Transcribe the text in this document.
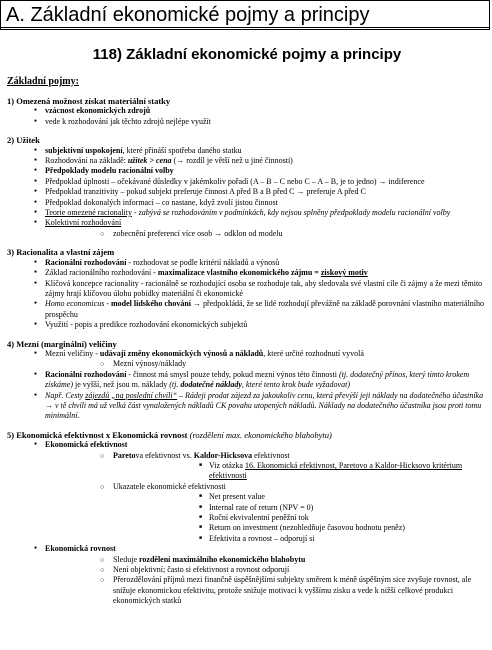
A. Základní ekonomické pojmy a principy
118) Základní ekonomické pojmy a principy
Základní pojmy:
1) Omezená možnost získat materiální statky
● vzácnost ekonomických zdrojů
● vede k rozhodování jak těchto zdrojů nejlépe využít
2) Užitek
● subjektivní uspokojení, které přináší spotřeba daného statku
● Rozhodování na základě: užitek > cena (→ rozdíl je větší než u jiné činnosti)
● Předpoklady modelu racionální volby
● Předpoklad úplnosti – očekávané důsledky v jakémkoliv pořadí (A – B – C nebo C – A – B, je to jedno) → indiference
● Předpoklad tranzitivity – pokud subjekt preferuje činnost A před B a B před C → preferuje A před C
● Předpoklad dokonalých informací – co nastane, když zvolí jistou činnost
● Teorie omezené racionality - zabývá se rozhodováním v podmínkách, kdy nejsou splněny předpoklady modelu racionální volby
● Kolektivní rozhodování
○ zobecnění preferencí více osob → odklon od modelu
3) Racionalita a vlastní zájem
● Racionální rozhodování - rozhodovat se podle kritérií nákladů a výnosů
● Základ racionálního rozhodování - maximalizace vlastního ekonomického zájmu = ziskový motiv
● Klíčová koncepce racionality - racionálně se rozhodující osoba se rozhoduje tak, aby sledovala své vlastní cíle či zájmy a že mezi těmito zájmy hrají klíčovou úlohu pobídky materiální či ekonomické
● Homo economicus - model lidského chování → předpokládá, že se lidé rozhodují převážně na základě porovnání vlastního materiálního prospěchu
● Využití - popis a predikce rozhodování ekonomických subjektů
4) Mezní (marginální) veličiny
● Mezní veličiny - udávají změny ekonomických výnosů a nákladů, které určité rozhodnutí vyvolá
○ Mezní výnosy/náklady
● Racionální rozhodování - činnost má smysl pouze tehdy, pokud mezní výnos této činnosti (tj. dodatečný přínos, který tímto krokem získáme) je vyšší, než jsou m. náklady (tj. dodatečné náklady, které tento krok bude vyžadovat)
● Např. Cesty zájezdů „na poslední chvíli“ – Rádeji prodat zájezd za jakoukoliv cenu, která převýší jeji náklady na dodatečného účastníka → v tě chvíli má už velká část vynaložených nákladů CK povahu utopených nákladů. Náklady na dodatečného účastníka jsou proti tomu minimální.
5) Ekonomická efektivnost x Ekonomická rovnost (rozdělení max. ekonomického blahobytu)
● Ekonomická efektivnost
○ Paretova efektivnost vs. Kaldor-Hicksova efektivnost
■ Viz otázka 16. Ekonomická efektivnost, Paretovo a Kaldor-Hicksovo kritérium efektivnosti
○ Ukazatele ekonomické efektivnosti
■ Net present value
■ Internal rate of return (NPV = 0)
■ Roční ekvivalentní peněžní tok
■ Return on investment (nezohledňuje časovou hodnotu peněz)
■ Efektivita a rovnost – odporují si
● Ekonomická rovnost
○ Sleduje rozdělení maximálního ekonomického blahobytu
○ Není objektivní; často si efektivnost a rovnost odporují
○ Přerozdělování příjmů mezi finančně úspěšnějšími subjekty směrem k méně úspěšným sice zvyšuje rovnost, ale snižuje ekonomickou efektivitu, protože snižuje motivaci k vyššímu zisku a vede k nižší celkové produkci ekonomických statků
